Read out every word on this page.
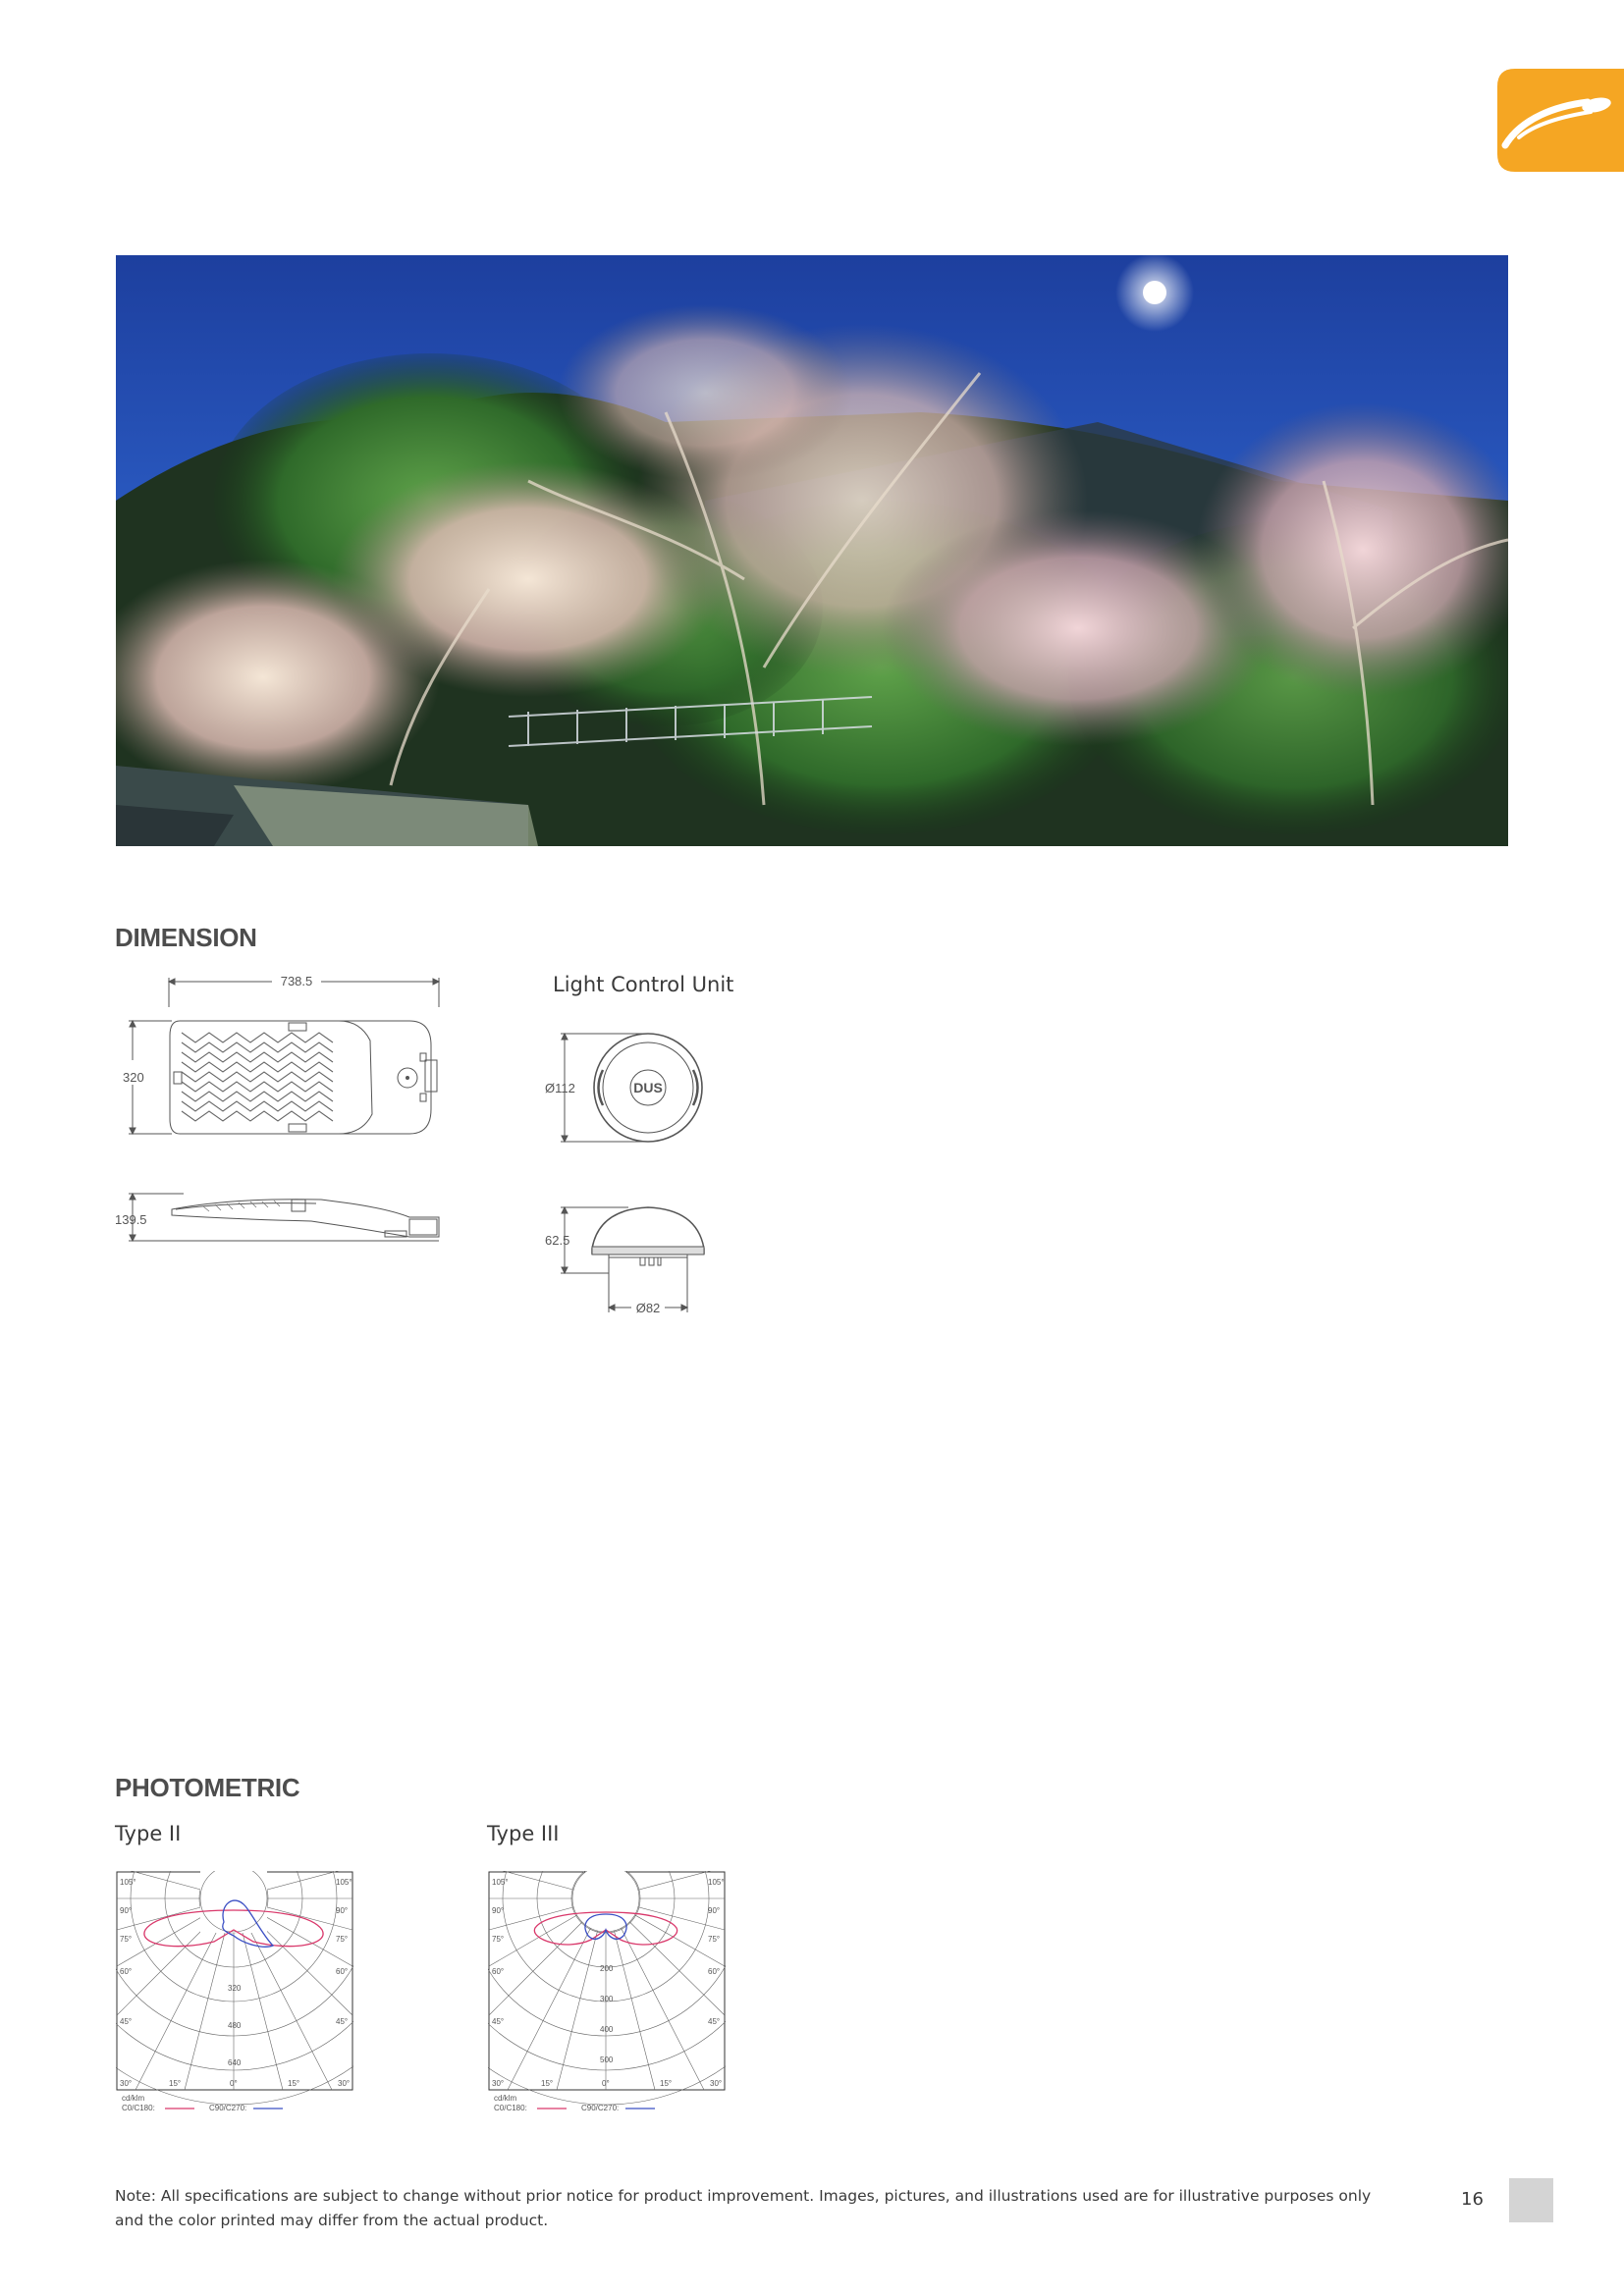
DIMENSION
738.5
320
139.5
Light Control Unit
DUS
Ø112
62.5
Ø82
PHOTOMETRIC
Type II
105°	105°
90°	90°
75°	75°
60°	60°
45°	45°
30°	30°
15°	15°
0°
320
480
640
cd/klm
C0/C180:	C90/C270:
Type III
105°	105°
90°	90°
75°	75°
60°	60°
45°	45°
30°	30°
15°	15°
0°
200
300
400
500
cd/klm
C0/C180:	C90/C270:
Note: All specifications are subject to change without prior notice for product improvement. Images, pictures, and illustrations used are for illustrative purposes only
and the color printed may differ from the actual product.
16
